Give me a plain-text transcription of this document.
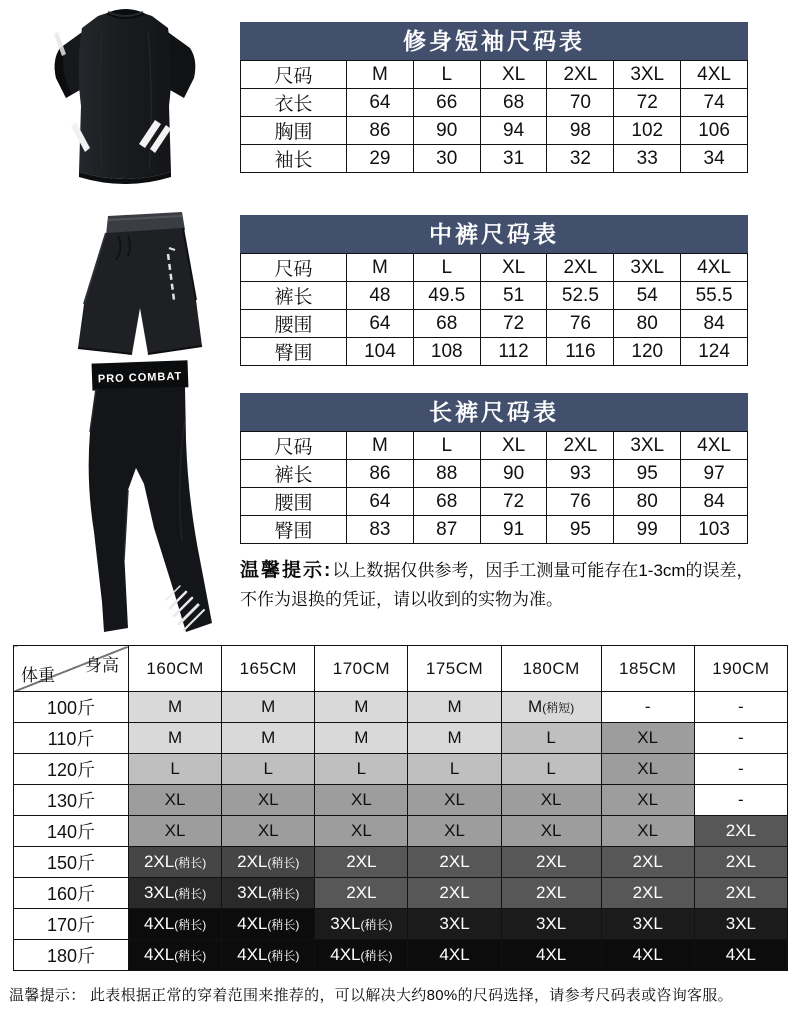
PRO COMBAT
修身短袖尺码表
尺码	M	L	XL	2XL	3XL	4XL
衣长	64	66	68	70	72	74
胸围	86	90	94	98	102	106
袖长	29	30	31	32	33	34
中裤尺码表
尺码	M	L	XL	2XL	3XL	4XL
裤长	48	49.5	51	52.5	54	55.5
腰围	64	68	72	76	80	84
臀围	104	108	112	116	120	124
长裤尺码表
尺码	M	L	XL	2XL	3XL	4XL
裤长	86	88	90	93	95	97
腰围	64	68	72	76	80	84
臀围	83	87	91	95	99	103
温馨提示:以上数据仅供参考，因手工测量可能存在1-3cm的误差，
不作为退换的凭证，请以收到的实物为准。
身高
体重	160CM	165CM	170CM	175CM	180CM	185CM	190CM
100斤	M	M	M	M	M(稍短)	-	-
110斤	M	M	M	M	L	XL	-
120斤	L	L	L	L	L	XL	-
130斤	XL	XL	XL	XL	XL	XL	-
140斤	XL	XL	XL	XL	XL	XL	2XL
150斤	2XL(稍长)	2XL(稍长)	2XL	2XL	2XL	2XL	2XL
160斤	3XL(稍长)	3XL(稍长)	2XL	2XL	2XL	2XL	2XL
170斤	4XL(稍长)	4XL(稍长)	3XL(稍长)	3XL	3XL	3XL	3XL
180斤	4XL(稍长)	4XL(稍长)	4XL(稍长)	4XL	4XL	4XL	4XL
温馨提示： 此表根据正常的穿着范围来推荐的，可以解决大约80%的尺码选择，请参考尺码表或咨询客服。
